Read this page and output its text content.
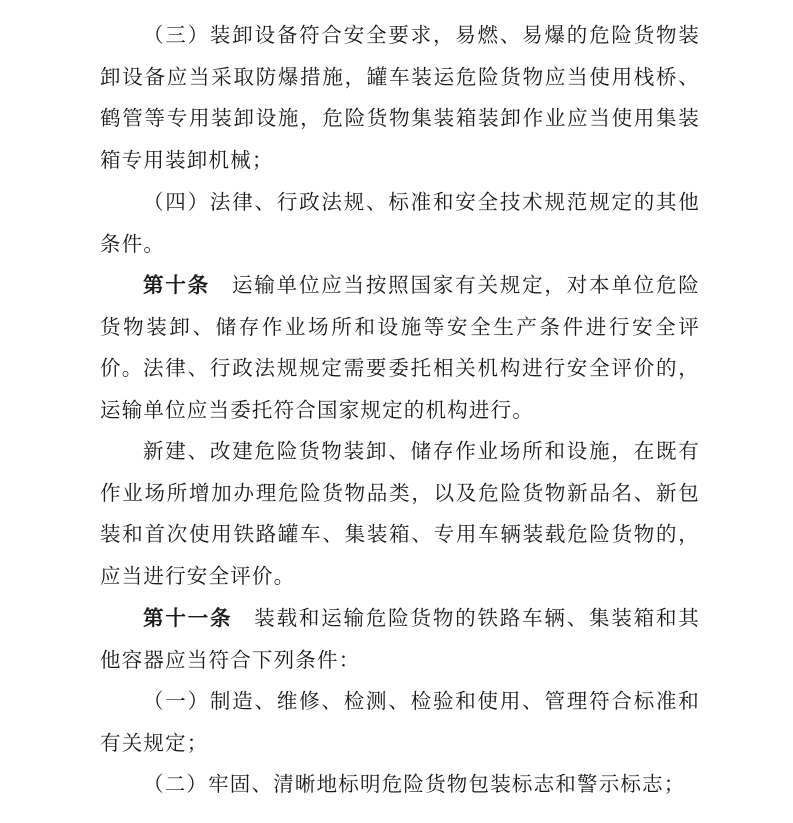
（三）装卸设备符合安全要求，易燃、易爆的危险货物装卸设备应当采取防爆措施，罐车装运危险货物应当使用栈桥、鹤管等专用装卸设施，危险货物集装箱装卸作业应当使用集装箱专用装卸机械；

（四）法律、行政法规、标准和安全技术规范规定的其他条件。

第十条 运输单位应当按照国家有关规定，对本单位危险货物装卸、储存作业场所和设施等安全生产条件进行安全评价。 法律、行政法规规定需要委托相关机构进行安全评价的，运输单位应当委托符合国家规定的机构进行。

新建、改建危险货物装卸、储存作业场所和设施，在既有作业场所增加办理危险货物品类，以及危险货物新品名、新包装和首次使用铁路罐车、集装箱、专用车辆装载危险货物的，应当进行安全评价。

第十一条 装载和运输危险货物的铁路车辆、集装箱和其他容器应当符合下列条件：

（一）制造、维修、检测、检验和使用、管理符合标准和有关规定；

（二）牢固、清晰地标明危险货物包装标志和警示标志；
